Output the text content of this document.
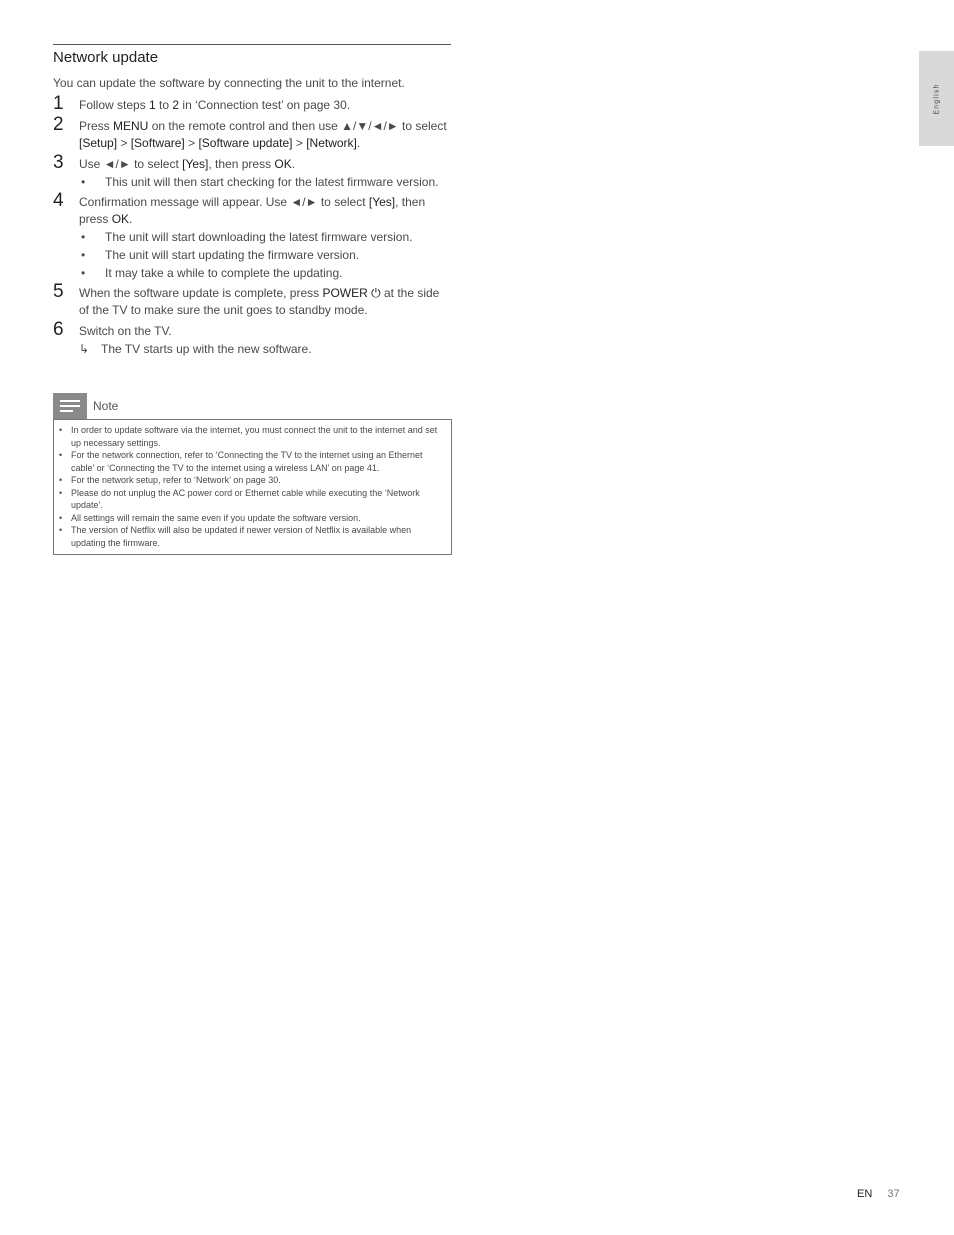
Network update

You can update the software by connecting the unit to the internet.

1 Follow steps 1 to 2 in ‘Connection test’ on page 30.
2 Press MENU on the remote control and then use ▲/▼/◄/► to select [Setup] > [Software] > [Software update] > [Network].
3 Use ◄/► to select [Yes], then press OK.
• This unit will then start checking for the latest firmware version.
4 Confirmation message will appear. Use ◄/► to select [Yes], then press OK.
• The unit will start downloading the latest firmware version.
• The unit will start updating the firmware version.
• It may take a while to complete the updating.
5 When the software update is complete, press POWER ⏻ at the side of the TV to make sure the unit goes to standby mode.
6 Switch on the TV.
↳ The TV starts up with the new software.
Note
• In order to update software via the internet, you must connect the unit to the internet and set up necessary settings.
• For the network connection, refer to ‘Connecting the TV to the internet using an Ethernet cable’ or ‘Connecting the TV to the internet using a wireless LAN’ on page 41.
• For the network setup, refer to ‘Network’ on page 30.
• Please do not unplug the AC power cord or Ethernet cable while executing the ‘Network update’.
• All settings will remain the same even if you update the software version.
• The version of Netflix will also be updated if newer version of Netflix is available when updating the firmware.
English
EN 37
